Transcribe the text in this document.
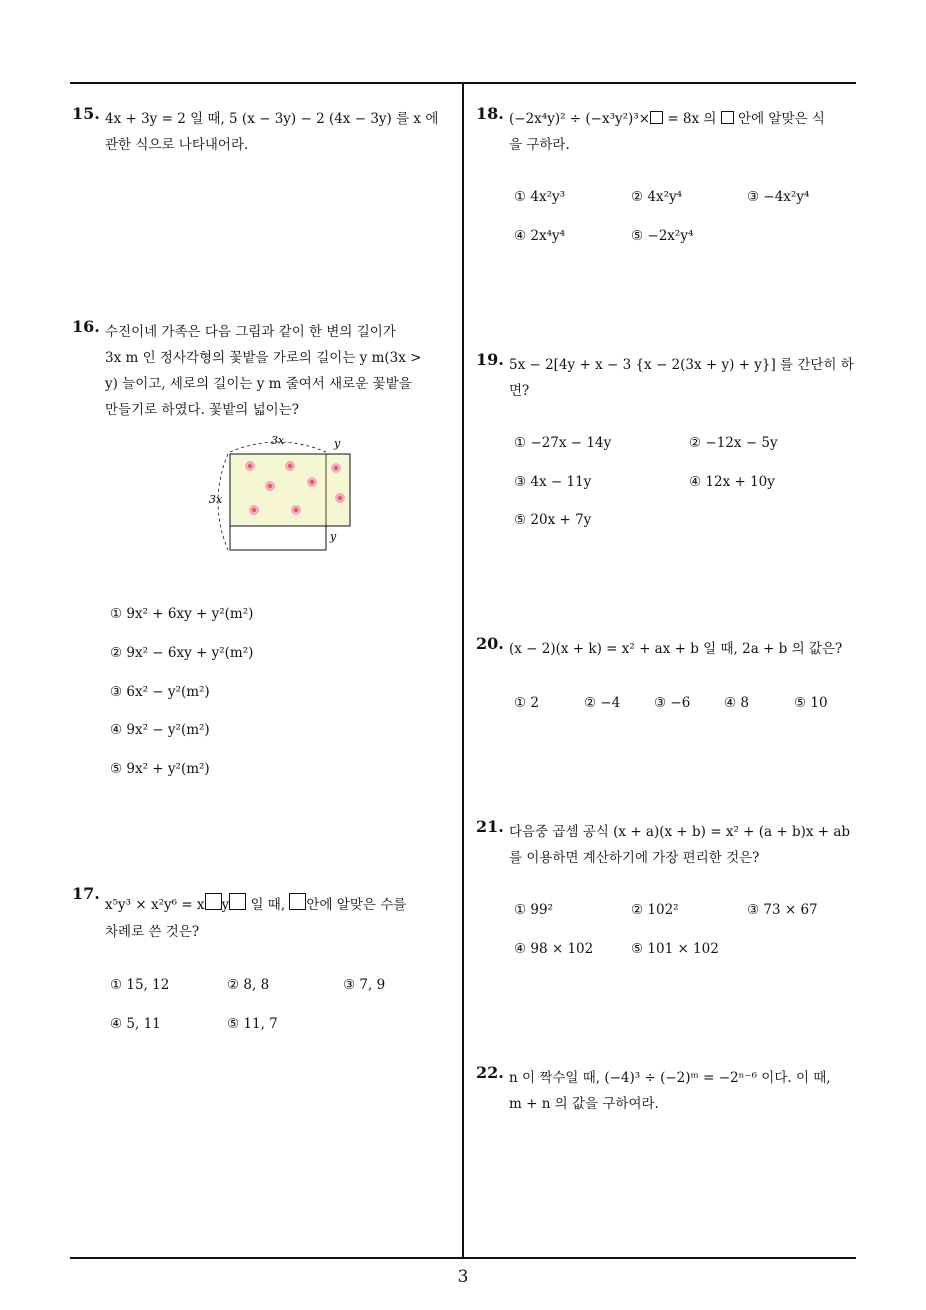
15. 4x + 3y = 2 일 때, 5 (x − 3y) − 2 (4x − 3y) 를 x 에
관한 식으로 나타내어라.
16. 수진이네 가족은 다음 그림과 같이 한 변의 길이가
3x m 인 정사각형의 꽃밭을 가로의 길이는 y m(3x >
y) 늘이고, 세로의 길이는 y m 줄여서 새로운 꽃밭을
만들기로 하였다. 꽃밭의 넓이는?
3x	y
3x
y
① 9x² + 6xy + y²(m²)
② 9x² − 6xy + y²(m²)
③ 6x² − y²(m²)
④ 9x² − y²(m²)
⑤ 9x² + y²(m²)
17.
x⁵y³ × x²y⁶ = x y 일 때, 안에 알맞은 수를
차례로 쓴 것은?
① 15, 12	② 8, 8	③ 7, 9
④ 5, 11	⑤ 11, 7
18. (−2x⁴y)² ÷ (−x³y²)³× = 8x 의  안에 알맞은 식
을 구하라.
① 4x²y³	② 4x²y⁴	③ −4x²y⁴
④ 2x⁴y⁴	⑤ −2x²y⁴
19. 5x − 2[4y + x − 3 {x − 2(3x + y) + y}] 를 간단히 하
면?
① −27x − 14y	② −12x − 5y
③ 4x − 11y	④ 12x + 10y
⑤ 20x + 7y
20. (x − 2)(x + k) = x² + ax + b 일 때, 2a + b 의 값은?
① 2	② −4 ③ −6 ④ 8	⑤ 10
21. 다음중 곱셈 공식 (x + a)(x + b) = x² + (a + b)x + ab
를 이용하면 계산하기에 가장 편리한 것은?
① 99²	② 102²	③ 73 × 67
④ 98 × 102	⑤ 101 × 102
22. n 이 짝수일 때, (−4)³ ÷ (−2)ᵐ = −2ⁿ⁻⁶ 이다. 이 때,
m + n 의 값을 구하여라.
3
